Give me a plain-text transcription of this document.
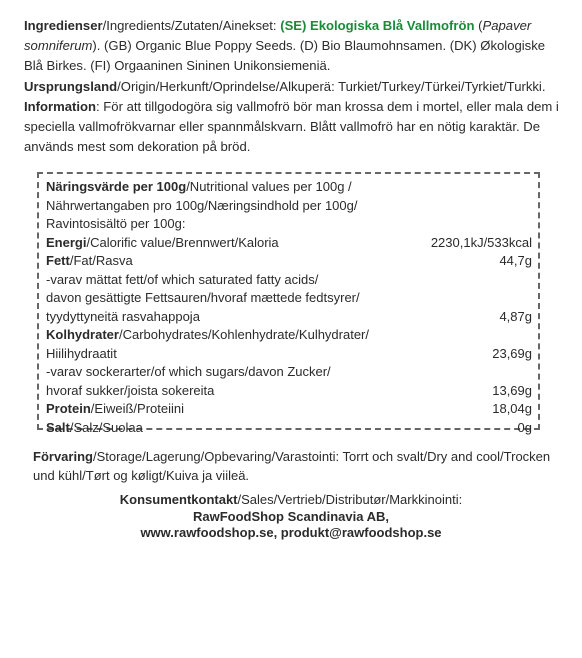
Ingredienser/Ingredients/Zutaten/Ainekset: (SE) Ekologiska Blå Vallmofrön (Papaver somniferum). (GB) Organic Blue Poppy Seeds. (D) Bio Blaumohnsamen. (DK) Økologiske Blå Birkes. (FI) Orgaaninen Sininen Unikonsiemeniä. Ursprungsland/Origin/Herkunft/Oprindelse/Alkuperä: Turkiet/Turkey/Türkei/Tyrkiet/Turkki. Information: För att tillgodogöra sig vallmofrö bör man krossa dem i mortel, eller mala dem i speciella vallmofrökvarnar eller spannmålskvarn. Blått vallmofrö har en nötig karaktär. De används mest som dekoration på bröd.
Näringsvärde per 100g/Nutritional values per 100g /
Nährwertangaben pro 100g/Næringsindhold per 100g/
Ravintosisältö per 100g:
Energi/Calorific value/Brennwert/Kaloria	2230,1kJ/533kcal
Fett/Fat/Rasva	44,7g
-varav mättat fett/of which saturated fatty acids/
davon gesättigte Fettsauren/hvoraf mættede fedtsyrer/
tyydyttyneitä rasvahappoja	4,87g
Kolhydrater/Carbohydrates/Kohlenhydrate/Kulhydrater/
Hiilihydraatit	23,69g
-varav sockerarter/of which sugars/davon Zucker/
hvoraf sukker/joista sokereita	13,69g
Protein/Eiweiß/Proteiini	18,04g
Salt/Salz/Suolaa	0g
Förvaring/Storage/Lagerung/Opbevaring/Varastointi: Torrt och svalt/Dry and cool/Trocken und kühl/Tørt og køligt/Kuiva ja viileä.
Konsumentkontakt/Sales/Vertrieb/Distributør/Markkinointi:
RawFoodShop Scandinavia AB,
www.rawfoodshop.se, produkt@rawfoodshop.se
